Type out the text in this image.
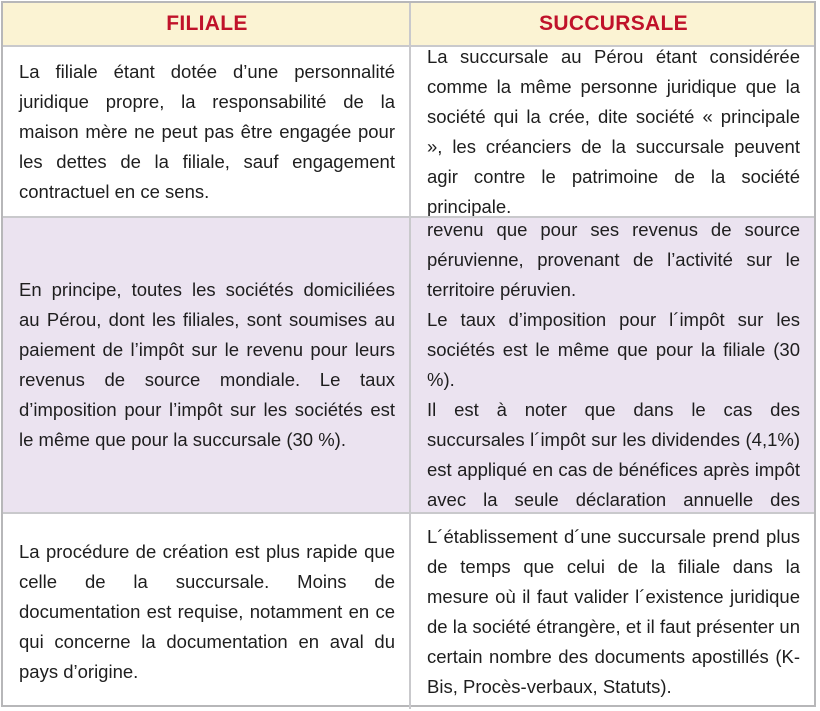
FILIALE	SUCCURSALE

La filiale étant dotée d’une personnalité juridique propre, la responsabilité de la maison mère ne peut pas être engagée pour les dettes de la filiale, sauf engagement contractuel en ce sens.

La succursale au Pérou étant considérée comme la même personne juridique que la société qui la crée, dite société « principale », les créanciers de la succursale peuvent agir contre le patrimoine de la société principale.

En principe, toutes les sociétés domiciliées au Pérou, dont les filiales, sont soumises au paiement de l’impôt sur le revenu pour leurs revenus de source mondiale. Le taux d’imposition pour l’impôt sur les sociétés est le même que pour la succursale (30 %).

revenu que pour ses revenus de source péruvienne, provenant de l’activité sur le territoire péruvien.

Le taux d’imposition pour l´impôt sur les sociétés est le même que pour la filiale (30 %).

Il est à noter que dans le cas des succursales l´impôt sur les dividendes (4,1%) est appliqué en cas de bénéfices après impôt avec la seule déclaration annuelle des

La procédure de création est plus rapide que celle de la succursale. Moins de documentation est requise, notamment en ce qui concerne la documentation en aval du pays d’origine.

L´établissement d´une succursale prend plus de temps que celui de la filiale dans la mesure où il faut valider l´existence juridique de la société étrangère, et il faut présenter un certain nombre des documents apostillés (K-Bis, Procès-verbaux, Statuts).
